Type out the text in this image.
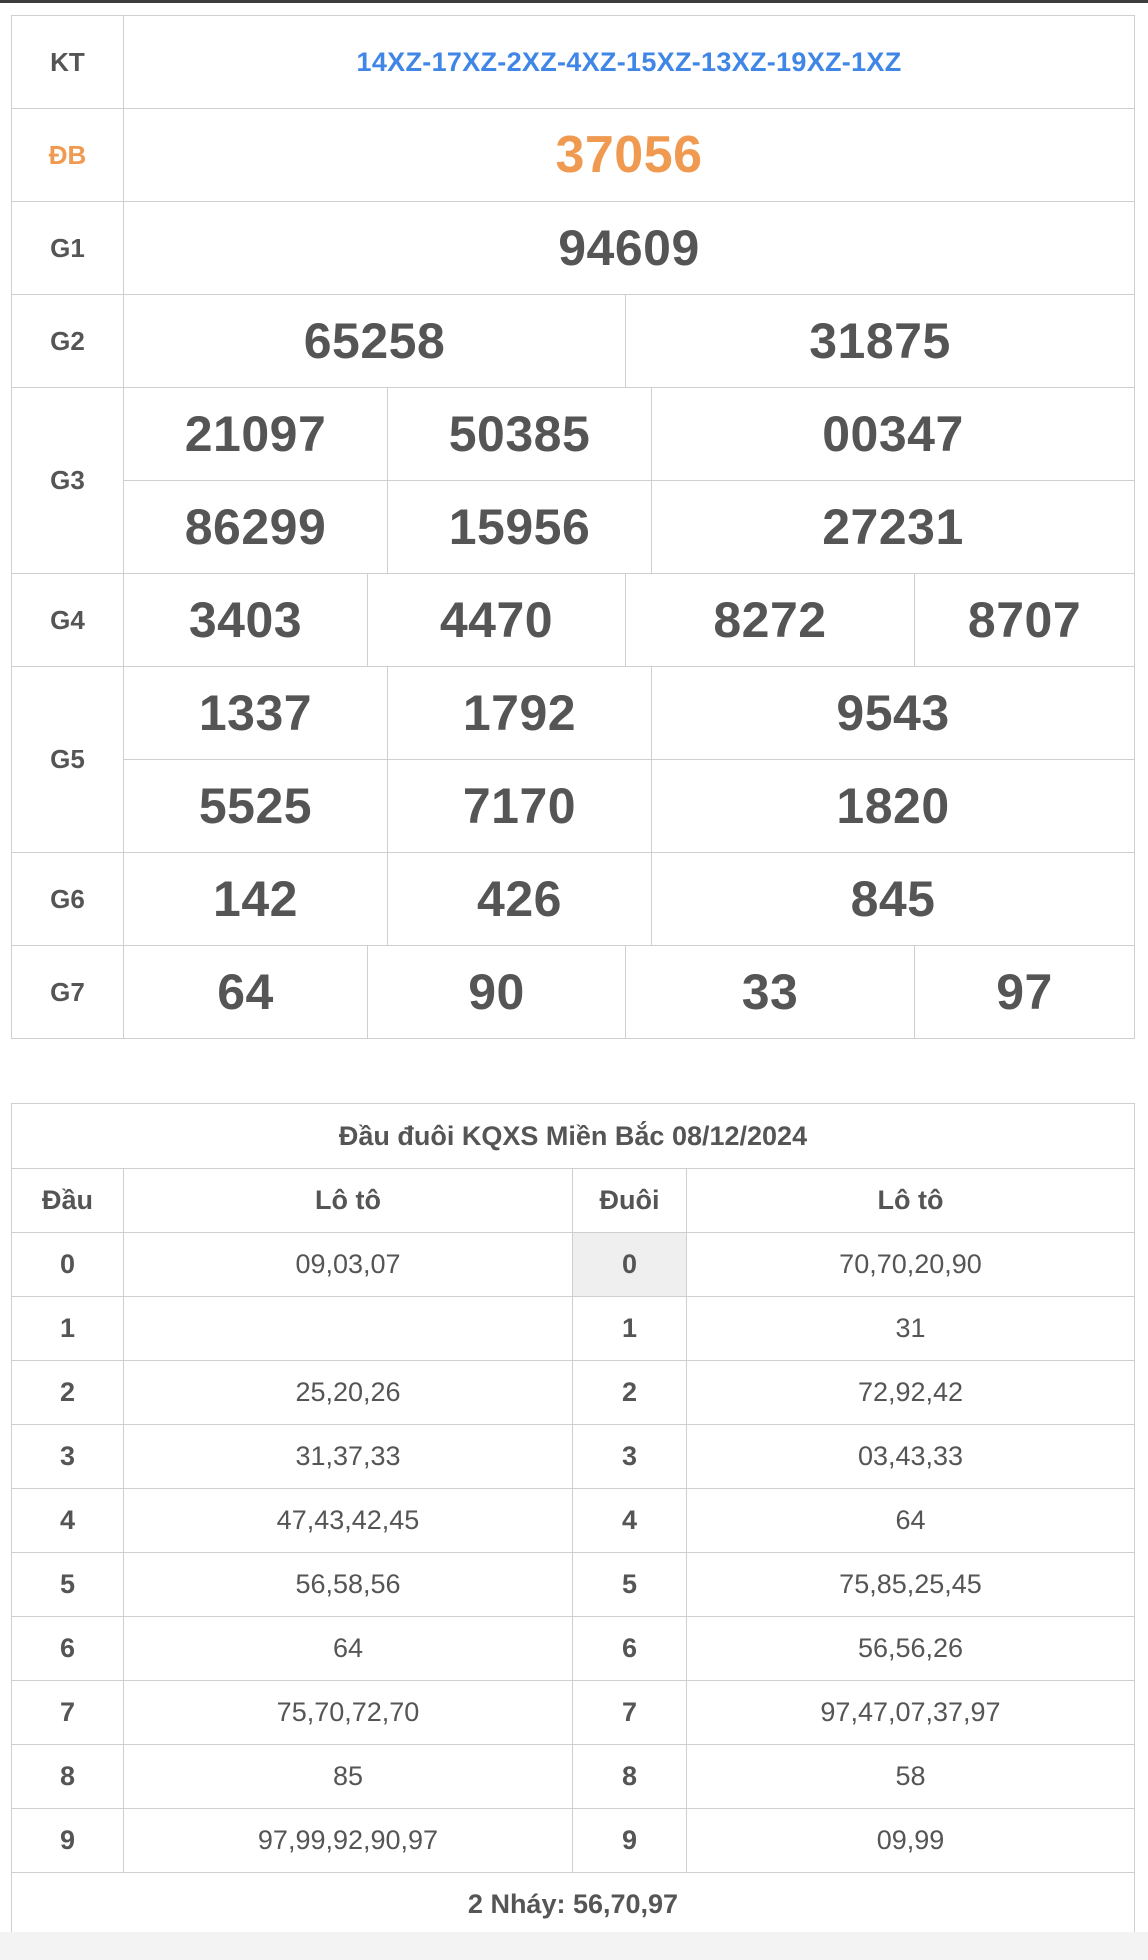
KT	14XZ-17XZ-2XZ-4XZ-15XZ-13XZ-19XZ-1XZ					
ĐB	37056					
G1	94609					
G2	65258			31875		
G3	21097		50385		00347	
	86299		15956		27231	
G4	3403	4470		8272		8707
G5	1337		1792		9543	
	5525		7170		1820	
G6	142		426		845	
G7	64	90		33		97
Đầu đuôi KQXS Miền Bắc 08/12/2024			
Đầu	Lô tô	Đuôi	Lô tô
0	09,03,07	0	70,70,20,90
1		1	31
2	25,20,26	2	72,92,42
3	31,37,33	3	03,43,33
4	47,43,42,45	4	64
5	56,58,56	5	75,85,25,45
6	64	6	56,56,26
7	75,70,72,70	7	97,47,07,37,97
8	85	8	58
9	97,99,92,90,97	9	09,99
2 Nháy: 56,70,97			
